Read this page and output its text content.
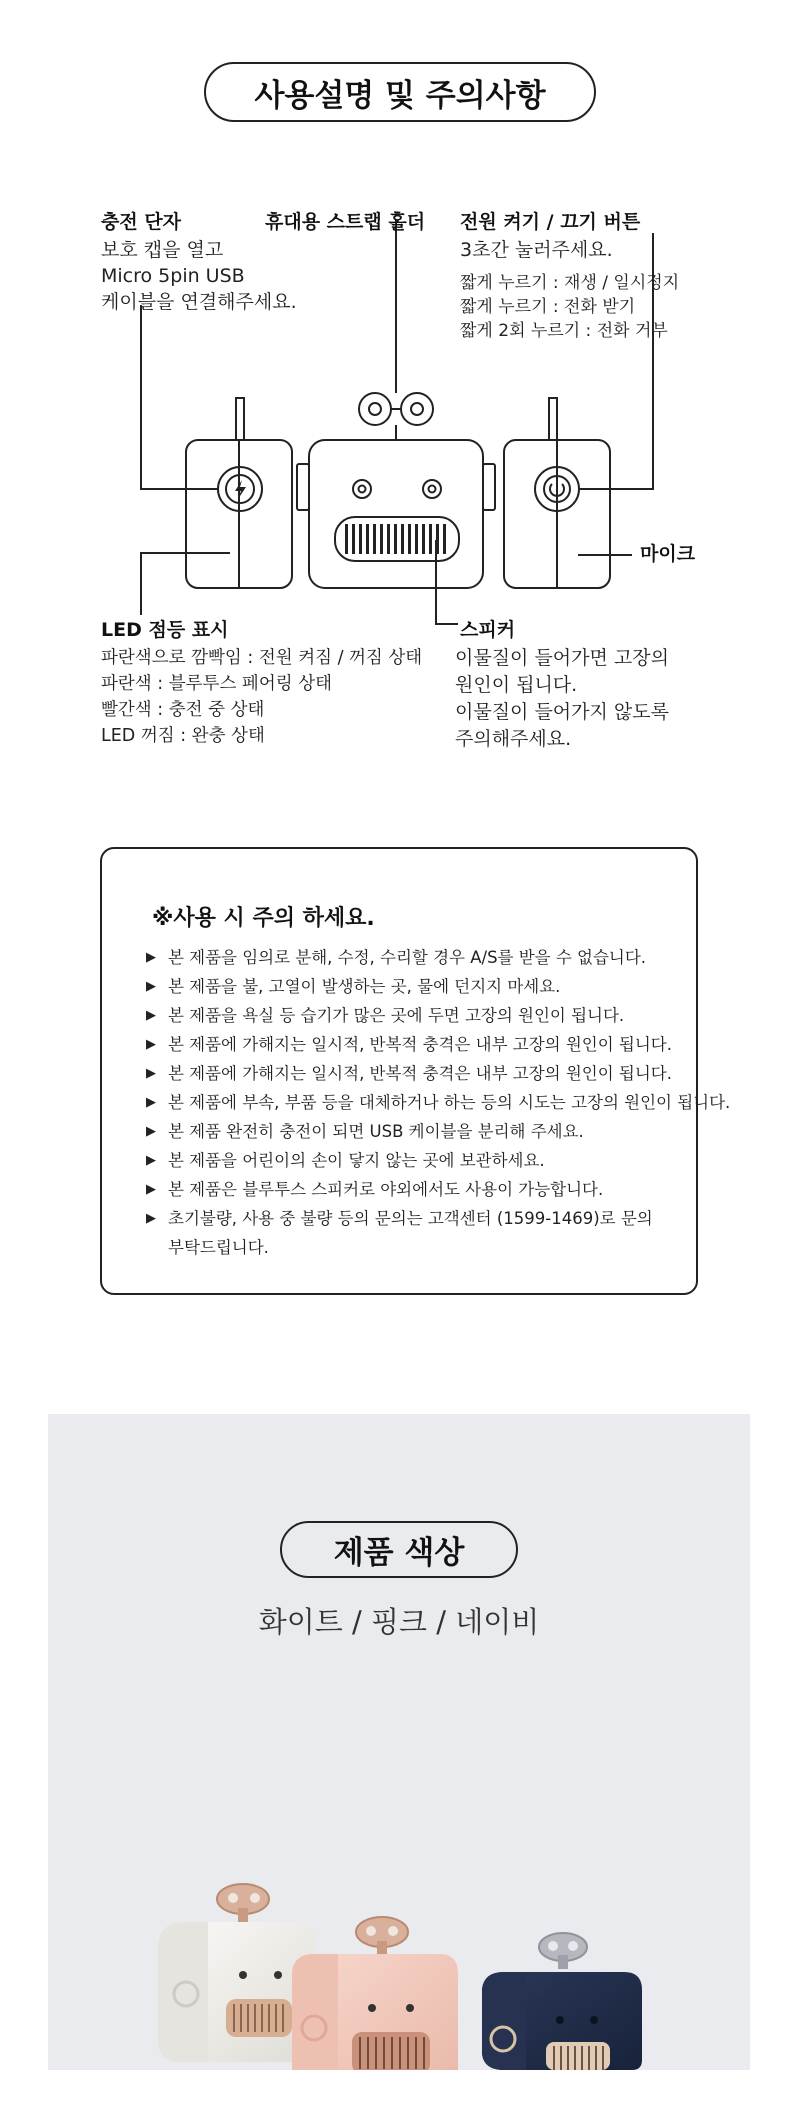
사용설명 및 주의사항
충전 단자
보호 캡을 열고
Micro 5pin USB
케이블을 연결해주세요.
휴대용 스트랩 홀더 전원 켜기 / 끄기 버튼
3초간 눌러주세요.
짧게 누르기 : 재생 / 일시정지
짧게 누르기 : 전화 받기
짧게 2회 누르기 : 전화 거부
마이크
LED 점등 표시
파란색으로 깜빡임 : 전원 켜짐 / 꺼짐 상태
파란색 : 블루투스 페어링 상태
빨간색 : 충전 중 상태
LED 꺼짐 : 완충 상태
스피커
이물질이 들어가면 고장의
원인이 됩니다.
이물질이 들어가지 않도록
주의해주세요.
※사용 시 주의 하세요.
▶ 본 제품을 임의로 분해, 수정, 수리할 경우 A/S를 받을 수 없습니다.
▶ 본 제품을 불, 고열이 발생하는 곳, 물에 던지지 마세요.
▶ 본 제품을 욕실 등 습기가 많은 곳에 두면 고장의 원인이 됩니다.
▶ 본 제품에 가해지는 일시적, 반복적 충격은 내부 고장의 원인이 됩니다.
▶ 본 제품에 가해지는 일시적, 반복적 충격은 내부 고장의 원인이 됩니다.
▶ 본 제품에 부속, 부품 등을 대체하거나 하는 등의 시도는 고장의 원인이 됩니다.
▶ 본 제품 완전히 충전이 되면 USB 케이블을 분리해 주세요.
▶ 본 제품을 어린이의 손이 닿지 않는 곳에 보관하세요.
▶ 본 제품은 블루투스 스피커로 야외에서도 사용이 가능합니다.
▶ 초기불량, 사용 중 불량 등의 문의는 고객센터 (1599-1469)로 문의
부탁드립니다.
제품 색상
화이트 / 핑크 / 네이비
